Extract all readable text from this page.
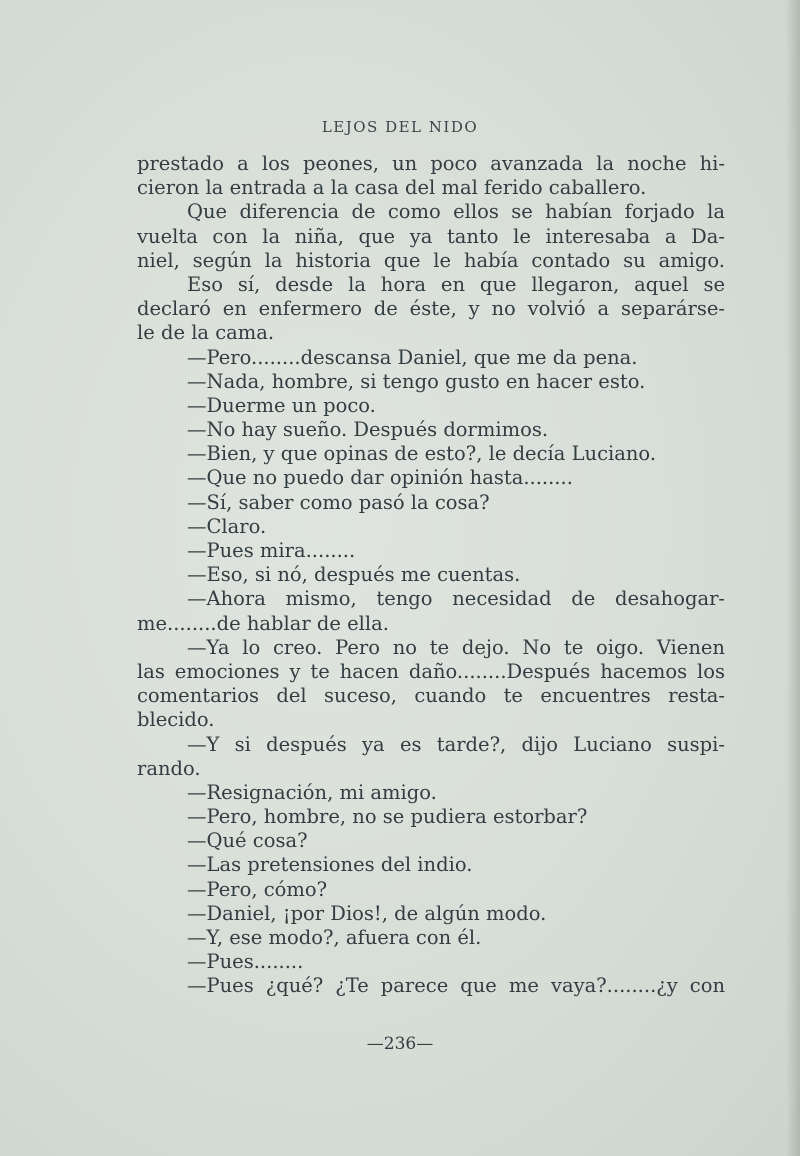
LEJOS DEL NIDO
prestado a los peones, un poco avanzada la noche hi-
cieron la entrada a la casa del mal ferido caballero.
Que diferencia de como ellos se habían forjado la
vuelta con la niña, que ya tanto le interesaba a Da-
niel, según la historia que le había contado su amigo.
Eso sí, desde la hora en que llegaron, aquel se
declaró en enfermero de éste, y no volvió a separárse-
le de la cama.
—Pero........descansa Daniel, que me da pena.
—Nada, hombre, si tengo gusto en hacer esto.
—Duerme un poco.
—No hay sueño. Después dormimos.
—Bien, y que opinas de esto?, le decía Luciano.
—Que no puedo dar opinión hasta........
—Sí, saber como pasó la cosa?
—Claro.
—Pues mira........
—Eso, si nó, después me cuentas.
—Ahora mismo, tengo necesidad de desahogar-
me........de hablar de ella.
—Ya lo creo. Pero no te dejo. No te oigo. Vienen
las emociones y te hacen daño........Después hacemos los
comentarios del suceso, cuando te encuentres resta-
blecido.
—Y si después ya es tarde?, dijo Luciano suspi-
rando.
—Resignación, mi amigo.
—Pero, hombre, no se pudiera estorbar?
—Qué cosa?
—Las pretensiones del indio.
—Pero, cómo?
—Daniel, ¡por Dios!, de algún modo.
—Y, ese modo?, afuera con él.
—Pues........
—Pues ¿qué? ¿Te parece que me vaya?........¿y con
—236—
